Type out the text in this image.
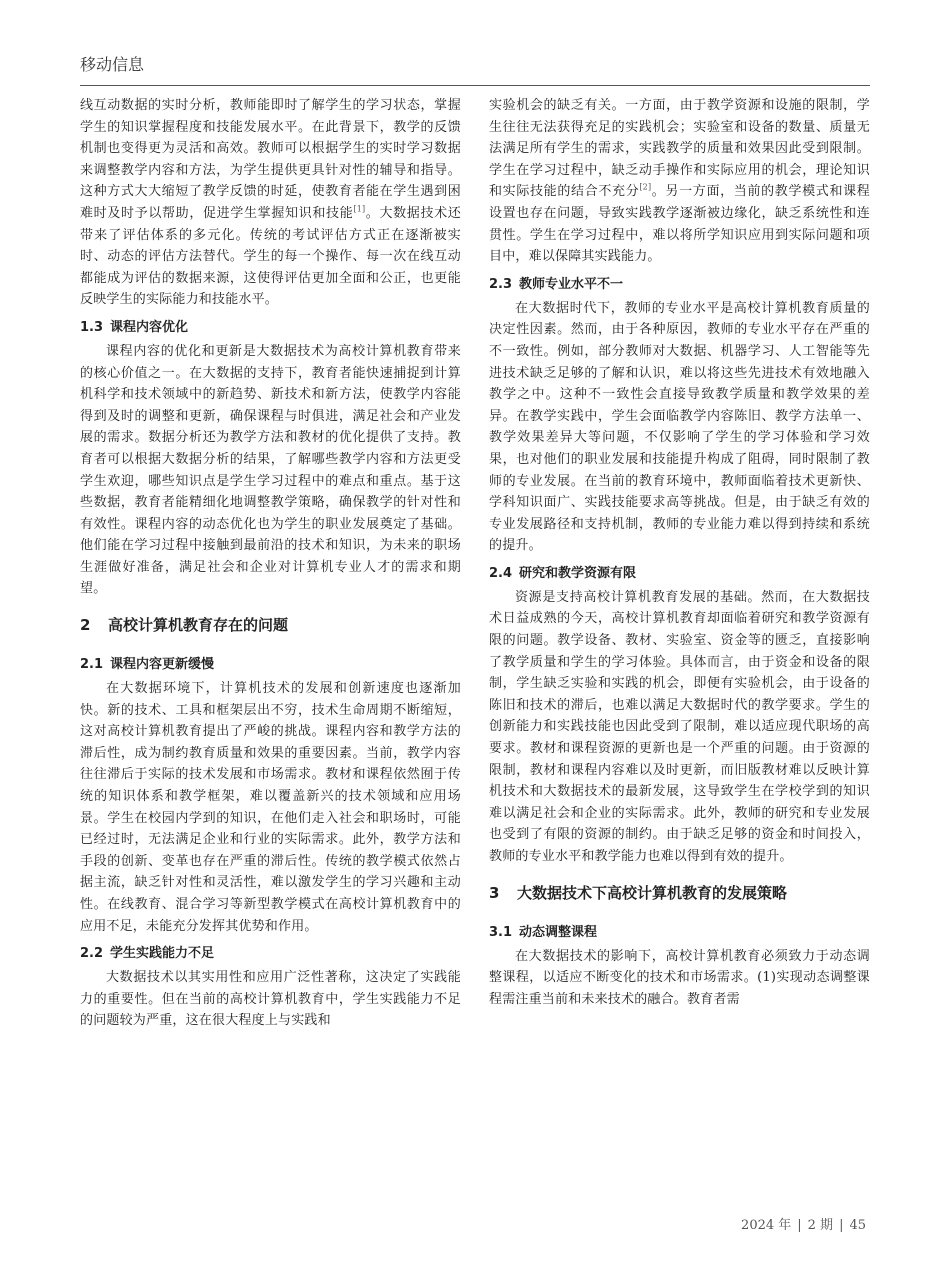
移动信息

线互动数据的实时分析，教师能即时了解学生的学习状态，掌握学生的知识掌握程度和技能发展水平。在此背景下，教学的反馈机制也变得更为灵活和高效。教师可以根据学生的实时学习数据来调整教学内容和方法，为学生提供更具针对性的辅导和指导。这种方式大大缩短了教学反馈的时延，使教育者能在学生遇到困难时及时予以帮助，促进学生掌握知识和技能[1]。大数据技术还带来了评估体系的多元化。传统的考试评估方式正在逐渐被实时、动态的评估方法替代。学生的每一个操作、每一次在线互动都能成为评估的数据来源，这使得评估更加全面和公正，也更能反映学生的实际能力和技能水平。

1.3 课程内容优化

课程内容的优化和更新是大数据技术为高校计算机教育带来的核心价值之一。在大数据的支持下，教育者能快速捕捉到计算机科学和技术领域中的新趋势、新技术和新方法，使教学内容能得到及时的调整和更新，确保课程与时俱进，满足社会和产业发展的需求。数据分析还为教学方法和教材的优化提供了支持。教育者可以根据大数据分析的结果，了解哪些教学内容和方法更受学生欢迎，哪些知识点是学生学习过程中的难点和重点。基于这些数据，教育者能精细化地调整教学策略，确保教学的针对性和有效性。课程内容的动态优化也为学生的职业发展奠定了基础。他们能在学习过程中接触到最前沿的技术和知识，为未来的职场生涯做好准备，满足社会和企业对计算机专业人才的需求和期望。

2 高校计算机教育存在的问题
2.1 课程内容更新缓慢

在大数据环境下，计算机技术的发展和创新速度也逐渐加快。新的技术、工具和框架层出不穷，技术生命周期不断缩短，这对高校计算机教育提出了严峻的挑战。课程内容和教学方法的滞后性，成为制约教育质量和效果的重要因素。当前，教学内容往往滞后于实际的技术发展和市场需求。教材和课程依然囿于传统的知识体系和教学框架，难以覆盖新兴的技术领域和应用场景。学生在校园内学到的知识，在他们走入社会和职场时，可能已经过时，无法满足企业和行业的实际需求。此外，教学方法和手段的创新、变革也存在严重的滞后性。传统的教学模式依然占据主流，缺乏针对性和灵活性，难以激发学生的学习兴趣和主动性。在线教育、混合学习等新型教学模式在高校计算机教育中的应用不足，未能充分发挥其优势和作用。

2.2 学生实践能力不足

大数据技术以其实用性和应用广泛性著称，这决定了实践能力的重要性。但在当前的高校计算机教育中，学生实践能力不足的问题较为严重，这在很大程度上与实践和

实验机会的缺乏有关。一方面，由于教学资源和设施的限制，学生往往无法获得充足的实践机会；实验室和设备的数量、质量无法满足所有学生的需求，实践教学的质量和效果因此受到限制。学生在学习过程中，缺乏动手操作和实际应用的机会，理论知识和实际技能的结合不充分[2]。另一方面，当前的教学模式和课程设置也存在问题，导致实践教学逐渐被边缘化，缺乏系统性和连贯性。学生在学习过程中，难以将所学知识应用到实际问题和项目中，难以保障其实践能力。

2.3 教师专业水平不一

在大数据时代下，教师的专业水平是高校计算机教育质量的决定性因素。然而，由于各种原因，教师的专业水平存在严重的不一致性。例如，部分教师对大数据、机器学习、人工智能等先进技术缺乏足够的了解和认识，难以将这些先进技术有效地融入教学之中。这种不一致性会直接导致教学质量和教学效果的差异。在教学实践中，学生会面临教学内容陈旧、教学方法单一、教学效果差异大等问题，不仅影响了学生的学习体验和学习效果，也对他们的职业发展和技能提升构成了阻碍，同时限制了教师的专业发展。在当前的教育环境中，教师面临着技术更新快、学科知识面广、实践技能要求高等挑战。但是，由于缺乏有效的专业发展路径和支持机制，教师的专业能力难以得到持续和系统的提升。

2.4 研究和教学资源有限

资源是支持高校计算机教育发展的基础。然而，在大数据技术日益成熟的今天，高校计算机教育却面临着研究和教学资源有限的问题。教学设备、教材、实验室、资金等的匮乏，直接影响了教学质量和学生的学习体验。具体而言，由于资金和设备的限制，学生缺乏实验和实践的机会，即便有实验机会，由于设备的陈旧和技术的滞后，也难以满足大数据时代的教学要求。学生的创新能力和实践技能也因此受到了限制，难以适应现代职场的高要求。教材和课程资源的更新也是一个严重的问题。由于资源的限制，教材和课程内容难以及时更新，而旧版教材难以反映计算机技术和大数据技术的最新发展，这导致学生在学校学到的知识难以满足社会和企业的实际需求。此外，教师的研究和专业发展也受到了有限的资源的制约。由于缺乏足够的资金和时间投入，教师的专业水平和教学能力也难以得到有效的提升。

3 大数据技术下高校计算机教育的发展策略
3.1 动态调整课程

在大数据技术的影响下，高校计算机教育必须致力于动态调整课程，以适应不断变化的技术和市场需求。(1)实现动态调整课程需注重当前和未来技术的融合。教育者需

2024 年 | 2 期 | 45
